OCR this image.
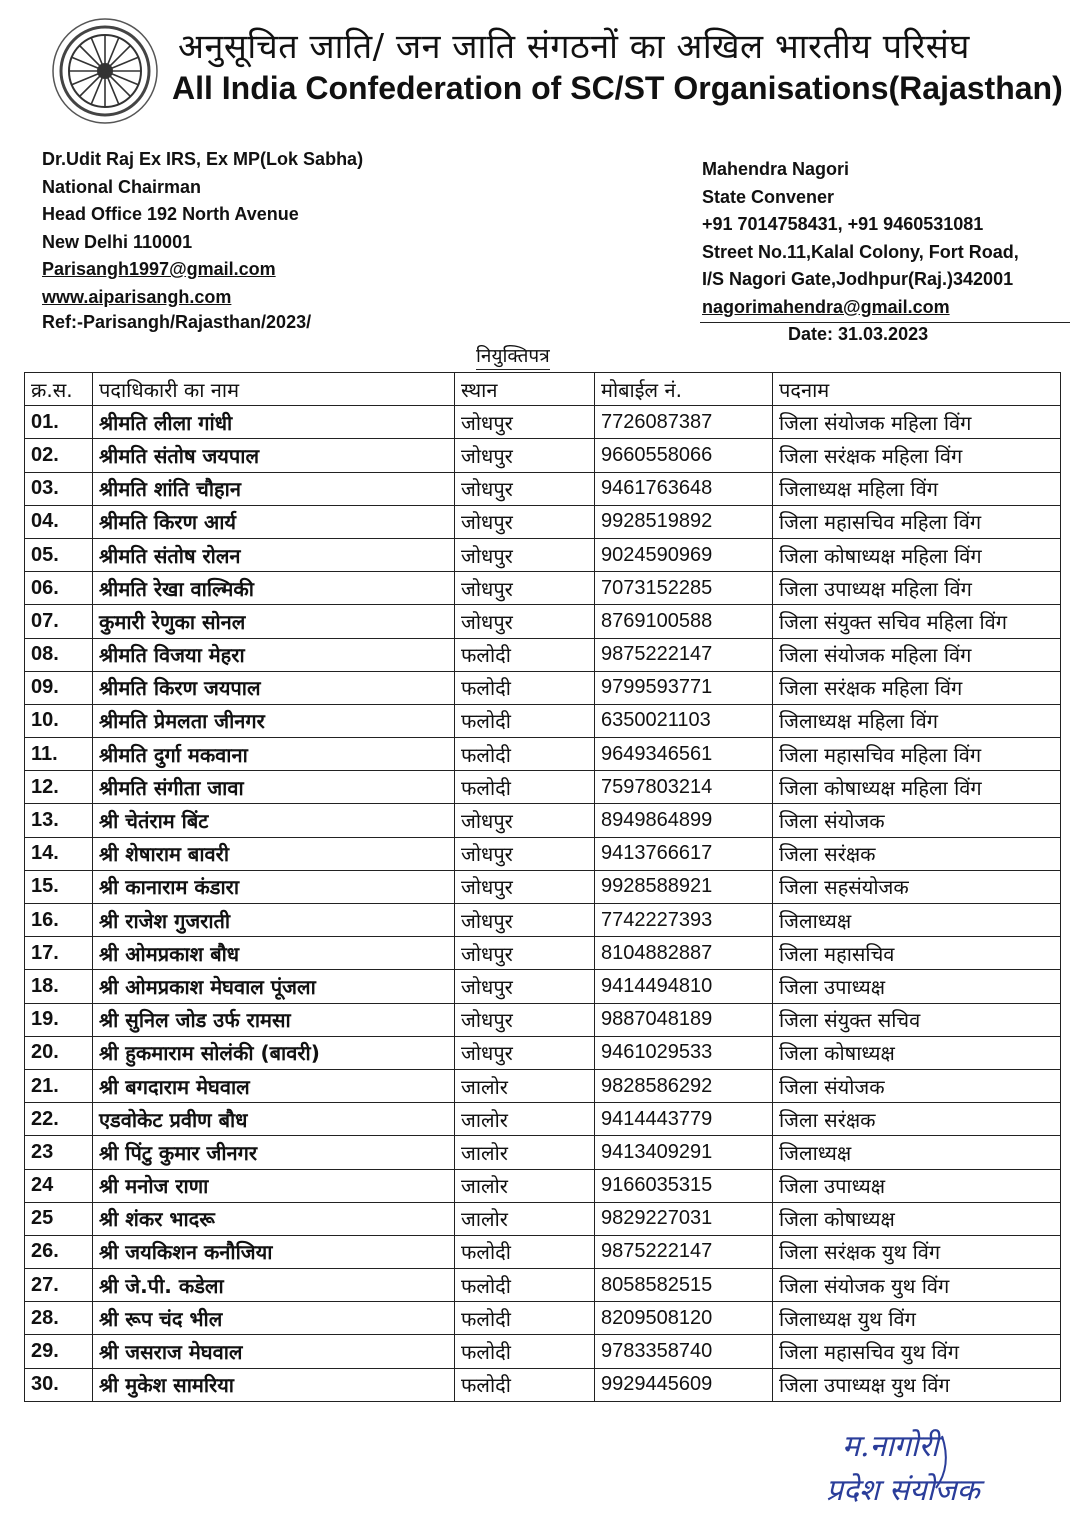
अनुसूचित जाति/ जन जाति संगठनों का अखिल भारतीय परिसंघ
All India Confederation of SC/ST Organisations(Rajasthan)
Dr.Udit Raj Ex IRS, Ex MP(Lok Sabha)
National Chairman
Head Office 192 North Avenue
New Delhi 110001
Parisangh1997@gmail.com
www.aiparisangh.com
Mahendra Nagori
State Convener
+91 7014758431, +91 9460531081
Street No.11,Kalal Colony, Fort Road,
I/S Nagori Gate,Jodhpur(Raj.)342001
nagorimahendra@gmail.com
Ref:-Parisangh/Rajasthan/2023/
Date: 31.03.2023
नियुक्तिपत्र
क्र.स.	पदाधिकारी का नाम	स्थान	मोबाईल नं.	पदनाम
01.	श्रीमति लीला गांधी	जोधपुर	7726087387	जिला संयोजक महिला विंग
02.	श्रीमति संतोष जयपाल	जोधपुर	9660558066	जिला सरंक्षक महिला विंग
03.	श्रीमति शांति चौहान	जोधपुर	9461763648	जिलाध्यक्ष महिला विंग
04.	श्रीमति किरण आर्य	जोधपुर	9928519892	जिला महासचिव महिला विंग
05.	श्रीमति संतोष रोलन	जोधपुर	9024590969	जिला कोषाध्यक्ष महिला विंग
06.	श्रीमति रेखा वाल्मिकी	जोधपुर	7073152285	जिला उपाध्यक्ष महिला विंग
07.	कुमारी रेणुका सोनल	जोधपुर	8769100588	जिला संयुक्त सचिव महिला विंग
08.	श्रीमति विजया मेहरा	फलोदी	9875222147	जिला संयोजक महिला विंग
09.	श्रीमति किरण जयपाल	फलोदी	9799593771	जिला सरंक्षक महिला विंग
10.	श्रीमति प्रेमलता जीनगर	फलोदी	6350021103	जिलाध्यक्ष महिला विंग
11.	श्रीमति दुर्गा मकवाना	फलोदी	9649346561	जिला महासचिव महिला विंग
12.	श्रीमति संगीता जावा	फलोदी	7597803214	जिला कोषाध्यक्ष महिला विंग
13.	श्री चेतंराम बिंट	जोधपुर	8949864899	जिला संयोजक
14.	श्री शेषाराम बावरी	जोधपुर	9413766617	जिला सरंक्षक
15.	श्री कानाराम कंडारा	जोधपुर	9928588921	जिला सहसंयोजक
16.	श्री राजेश गुजराती	जोधपुर	7742227393	जिलाध्यक्ष
17.	श्री ओमप्रकाश बौध	जोधपुर	8104882887	जिला महासचिव
18.	श्री ओमप्रकाश मेघवाल पूंजला	जोधपुर	9414494810	जिला उपाध्यक्ष
19.	श्री सुनिल जोड उर्फ रामसा	जोधपुर	9887048189	जिला संयुक्त सचिव
20.	श्री हुकमाराम सोलंकी (बावरी)	जोधपुर	9461029533	जिला कोषाध्यक्ष
21.	श्री बगदाराम मेघवाल	जालोर	9828586292	जिला संयोजक
22.	एडवोकेट प्रवीण बौध	जालोर	9414443779	जिला सरंक्षक
23	श्री पिंटु कुमार जीनगर	जालोर	9413409291	जिलाध्यक्ष
24	श्री मनोज राणा	जालोर	9166035315	जिला उपाध्यक्ष
25	श्री शंकर भादरू	जालोर	9829227031	जिला कोषाध्यक्ष
26.	श्री जयकिशन कनौजिया	फलोदी	9875222147	जिला सरंक्षक युथ विंग
27.	श्री जे.पी. कडेला	फलोदी	8058582515	जिला संयोजक युथ विंग
28.	श्री रूप चंद भील	फलोदी	8209508120	जिलाध्यक्ष युथ विंग
29.	श्री जसराज मेघवाल	फलोदी	9783358740	जिला महासचिव युथ विंग
30.	श्री मुकेश सामरिया	फलोदी	9929445609	जिला उपाध्यक्ष युथ विंग
म.नागोरी
प्रदेश संयोजक
